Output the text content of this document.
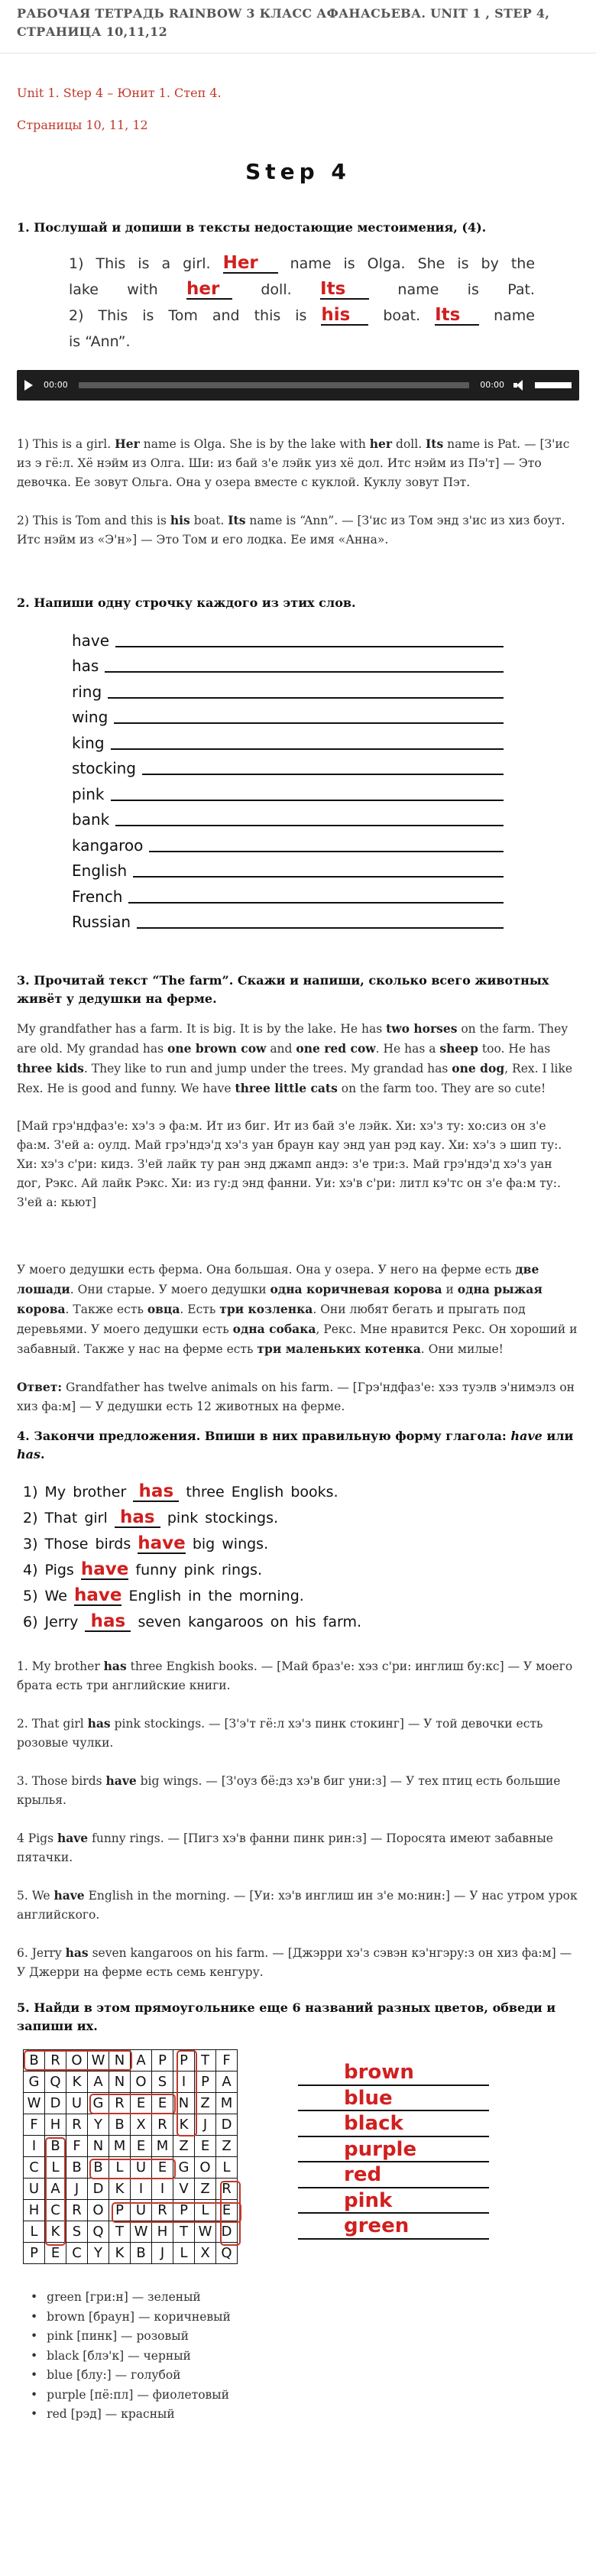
РАБОЧАЯ ТЕТРАДЬ RAINBOW 3 КЛАСС АФАНАСЬЕВА. UNIT 1 , STEP 4, СТРАНИЦА 10,11,12
Unit 1. Step 4 – Юнит 1. Степ 4.
Страницы 10, 11, 12
Step 4
1. Послушай и допиши в тексты недостающие местоимения, (4).
1) This is a girl. Her name is Olga. She is by the
lake with her	doll. Its	name is Pat.
2) This is Tom and this is his boat. Its name
is “Ann”.
00:00	00:00

1) This is a girl. Her name is Olga. She is by the lake with her doll. Its name is Pat. — [З'ис из э гё:л. Хё нэйм из Олга. Ши: из бай з'е лэйк уиз хё дол. Итс нэйм из Пэ'т] — Это девочка. Ее зовут Ольга. Она у озера вместе с куклой. Куклу зовут Пэт.

2) This is Tom and this is his boat. Its name is “Ann”. — [З'ис из Том энд з'ис из хиз боут. Итс нэйм из «Э'н»] — Это Том и его лодка. Ее имя «Анна».

2. Напиши одну строчку каждого из этих слов.
have
has
ring
wing
king
stocking
pink
bank
kangaroo
English
French
Russian
3. Прочитай текст “The farm”. Скажи и напиши, сколько всего животных живёт у дедушки на ферме.

My grandfather has a farm. It is big. It is by the lake. He has two horses on the farm. They are old. My grandad has one brown cow and one red cow. He has a sheep too. He has three kids. They like to run and jump under the trees. My grandad has one dog, Rex. I like Rex. He is good and funny. We have three little cats on the farm too. They are so cute!

[Май грэ'ндфаз'е: хэ'з э фа:м. Ит из биг. Ит из бай з'е лэйк. Хи: хэ'з ту: хо:сиз он з'е фа:м. З'ей а: оулд. Май грэ'ндэ'д хэ'з уан браун кау энд уан рэд кау. Хи: хэ'з э шип ту:. Хи: хэ'з с'ри: кидз. З'ей лайк ту ран энд джамп андэ: з'е три:з. Май грэ'ндэ'д хэ'з уан дог, Рэкс. Ай лайк Рэкс. Хи: из гу:д энд фанни. Уи: хэ'в с'ри: литл кэ'тс он з'е фа:м ту:. З'ей а: кьют]

У моего дедушки есть ферма. Она большая. Она у озера. У него на ферме есть две лошади. Они старые. У моего дедушки одна коричневая корова и одна рыжая корова. Также есть овца. Есть три козленка. Они любят бегать и прыгать под деревьями. У моего дедушки есть одна собака, Рекс. Мне нравится Рекс. Он хороший и забавный. Также у нас на ферме есть три маленьких котенка. Они милые!

Ответ: Grandfather has twelve animals on his farm. — [Грэ'ндфаз'е: хэз туэлв э'нимэлз он хиз фа:м] — У дедушки есть 12 животных на ферме.

4. Закончи предложения. Впиши в них правильную форму глагола: have или has.
1) My brother has three English books.
2) That girl has pink stockings.
3) Those birds have big wings.
4) Pigs have funny pink rings.
5) We have English in the morning.
6) Jerry has seven kangaroos on his farm.

1. My brother has three Engkish books. — [Май браз'е: хэз с'ри: инглиш бу:кс] — У моего брата есть три английские книги.

2. That girl has pink stockings. — [З'э'т гё:л хэ'з пинк стокинг] — У той девочки есть розовые чулки.

3. Those birds have big wings. — [З'оуз бё:дз хэ'в биг уни:з] — У тех птиц есть большие крылья.

4 Pigs have funny rings. — [Пигз хэ'в фанни пинк рин:з] — Поросята имеют забавные пятачки.

5. We have English in the morning. — [Уи: хэ'в инглиш ин з'е мо:нин:] — У нас утром урок английского.

6. Jerry has seven kangaroos on his farm. — [Джэрри хэ'з сэвэн кэ'нгэру:з он хиз фа:м] — У Джерри на ферме есть семь кенгуру.

5. Найди в этом прямоугольнике еще 6 названий разных цветов, обведи и запиши их.
B	R	O	W	N	A	P	P	T	F
G	Q	K	A	N	O	S	I	P	A
W	D	U	G	R	E	E	N	Z	M
F	H	R	Y	B	X	R	K	J	D
I	B	F	N	M	E	M	Z	E	Z
C	L	B	B	L	U	E	G	O	L
U	A	J	D	K	I	I	V	Z	R
H	C	R	O	P	U	R	P	L	E
L	K	S	Q	T	W	H	T	W	D
P	E	C	Y	K	B	J	L	X	Q
brown
blue
black
purple
red
pink
green
• green [гри:н] — зеленый
• brown [браун] — коричневый
• pink [пинк] — розовый
• black [блэ'к] — черный
• blue [блу:] — голубой
• purple [пё:пл] — фиолетовый
• red [рэд] — красный
